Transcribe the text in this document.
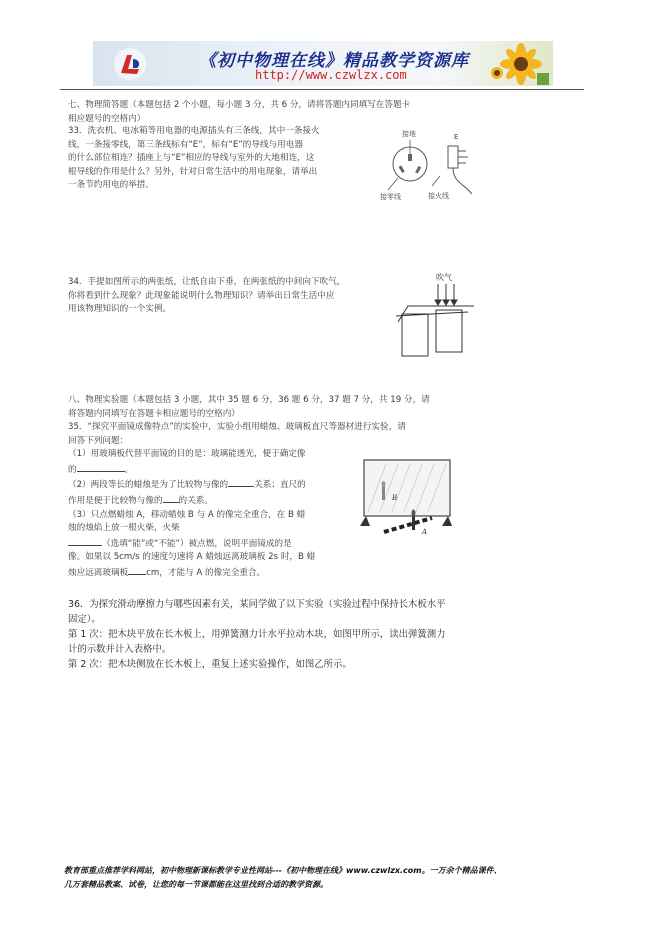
《初中物理在线》精品教学资源库
http://www.czwlzx.com
七、物理简答题（本题包括 2 个小题，每小题 3 分，共 6 分，请将答题内同填写在答题卡
相应题号的空格内）
33．洗衣机、电冰箱等用电器的电源插头有三条线，其中一条接火
线，一条接零线，第三条线标有“E”，标有“E”的导线与用电器
的什么部位相连？插座上与“E”相应的导线与室外的大地相连，这
根导线的作用是什么？另外，针对日常生活中的用电现象，请举出
一条节约用电的举措。
接地	E
接零线	接火线
34．手提如图所示的两张纸，让纸自由下垂，在两张纸的中间向下吹气，
你将看到什么现象？此现象能说明什么物理知识？请举出日常生活中应
用该物理知识的一个实例。
吹气
八、物理实验题（本题包括 3 小题，其中 35 题 6 分，36 题 6 分，37 题 7 分，共 19 分，请
将答题内同填写在答题卡相应题号的空格内）
35．“探究平面镜成像特点”的实验中，实验小组用蜡烛、玻璃板直尺等器材进行实验，请
回答下列问题：
（1）用玻璃板代替平面镜的目的是：玻璃能透光，便于确定像
的	。
（2）两段等长的蜡烛是为了比较物与像的	关系；直尺的
作用是便于比较物与像的 的关系。
（3）只点燃蜡烛 A，移动蜡烛 B 与 A 的像完全重合，在 B 蜡
烛的烛焰上放一根火柴，火柴
（选填“能”或“不能”）被点燃，说明平面镜成的是
像。如果以 5cm/s 的速度匀速将 A 蜡烛远离玻璃板 2s 时，B 蜡
烛应远离玻璃板 cm，才能与 A 的像完全重合。
B
A
36．为探究滑动摩擦力与哪些因素有关，某同学做了以下实验（实验过程中保持长木板水平
固定）。
第 1 次：把木块平放在长木板上，用弹簧测力计水平拉动木块，如图甲所示，读出弹簧测力
计的示数并计入表格中。
第 2 次：把木块侧放在长木板上，重复上述实验操作，如图乙所示。
教育部重点推荐学科网站，初中物理新课标教学专业性网站---《初中物理在线》www.czwlzx.com。一万余个精品课件、
几万套精品教案、试卷，让您的每一节课都能在这里找到合适的教学资源。
